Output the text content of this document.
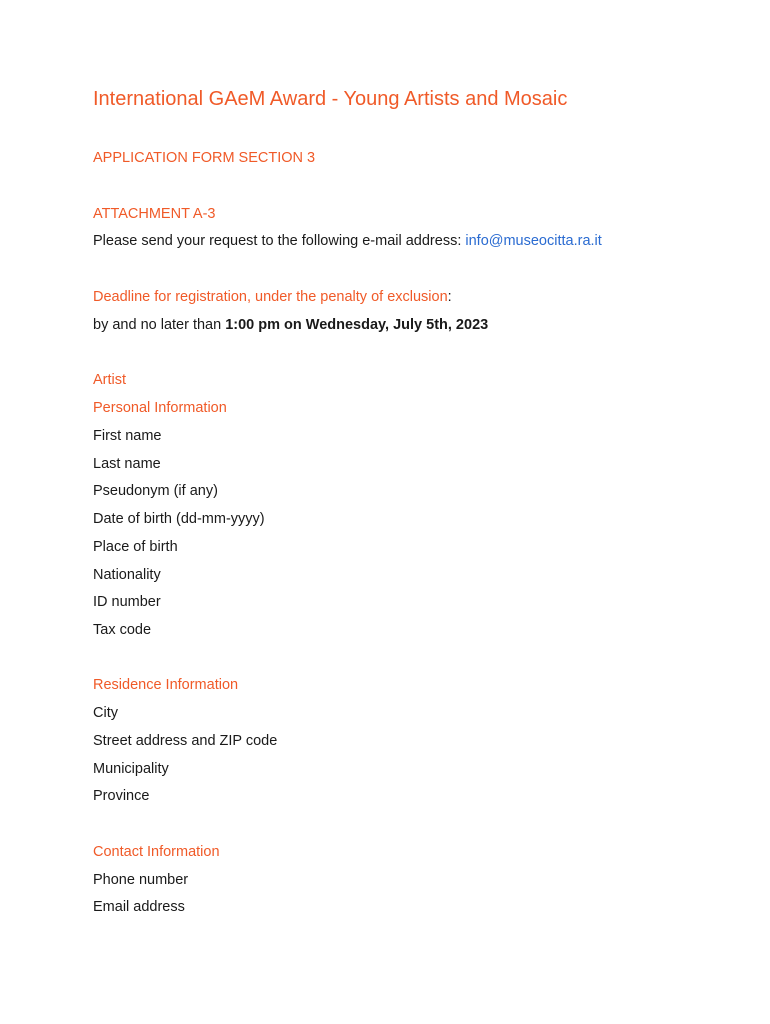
International GAeM Award - Young Artists and Mosaic
APPLICATION FORM SECTION 3
ATTACHMENT A-3
Please send your request to the following e-mail address: info@museocitta.ra.it
Deadline for registration, under the penalty of exclusion:
by and no later than 1:00 pm on Wednesday, July 5th, 2023
Artist
Personal Information
First name
Last name
Pseudonym (if any)
Date of birth (dd-mm-yyyy)
Place of birth
Nationality
ID number
Tax code
Residence Information
City
Street address and ZIP code
Municipality
Province
Contact Information
Phone number
Email address
